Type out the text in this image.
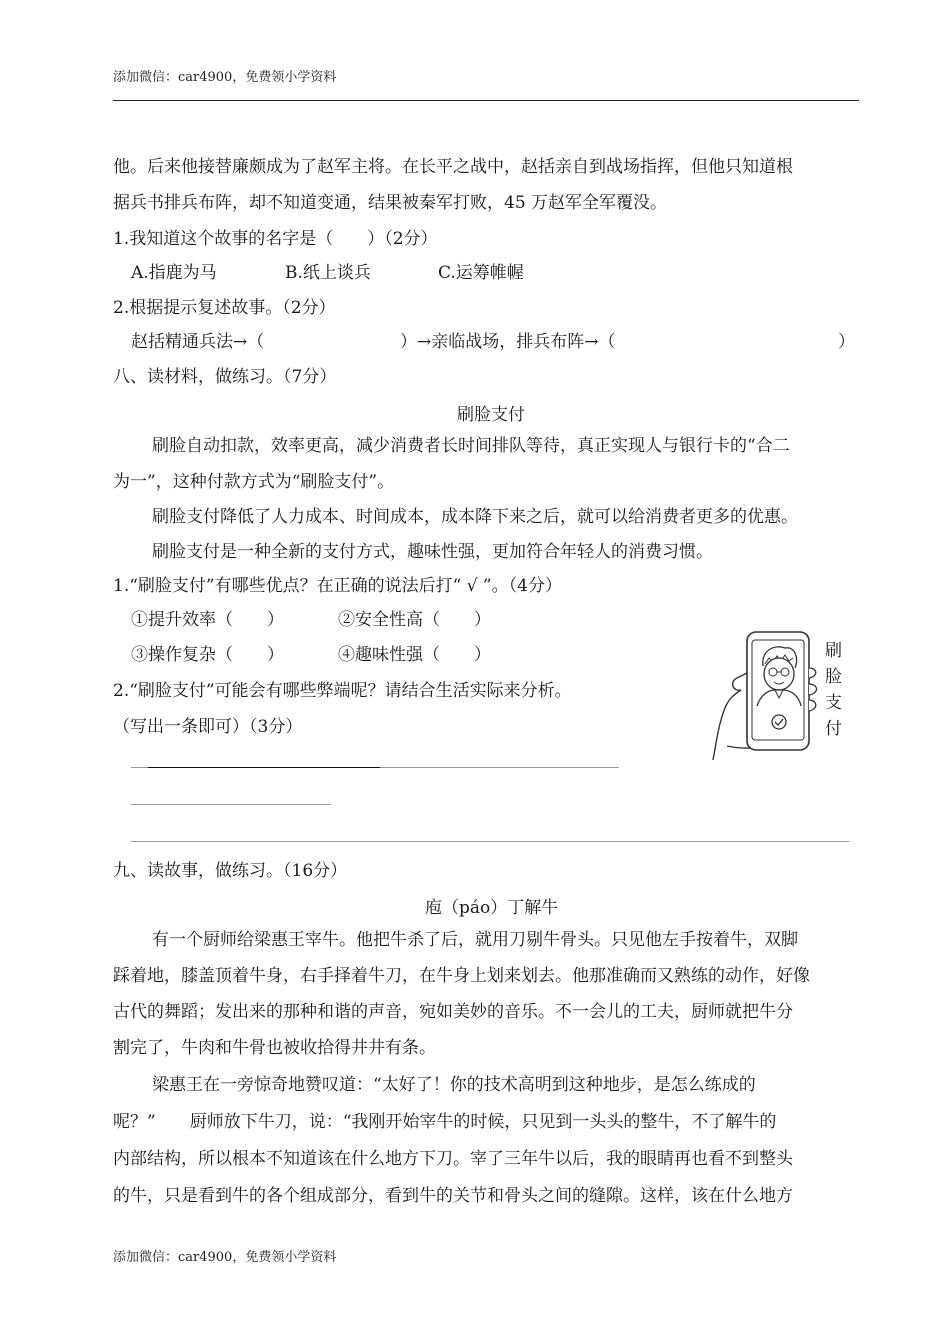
添加微信：car4900，免费领小学资料
他。后来他接替廉颇成为了赵军主将。在长平之战中，赵括亲自到战场指挥，但他只知道根
据兵书排兵布阵，却不知道变通，结果被秦军打败，45 万赵军全军覆没。
1.我知道这个故事的名字是（　　）（2分）
A.指鹿为马	B.纸上谈兵	C.运筹帷幄
2.根据提示复述故事。（2分）
赵括精通兵法→（	）→亲临战场，排兵布阵→（	）
八、读材料，做练习。（7分）
刷脸支付
刷脸自动扣款，效率更高，减少消费者长时间排队等待，真正实现人与银行卡的“合二
为一”，这种付款方式为“刷脸支付”。
刷脸支付降低了人力成本、时间成本，成本降下来之后，就可以给消费者更多的优惠。
刷脸支付是一种全新的支付方式，趣味性强，更加符合年轻人的消费习惯。
1.“刷脸支付”有哪些优点？在正确的说法后打“ √ ”。（4分）
①提升效率（　　）	②安全性高（　　）
③操作复杂（　　）	④趣味性强（　　）
2.“刷脸支付”可能会有哪些弊端呢？请结合生活实际来分析。
（写出一条即可）（3分）
刷
脸
支
付
九、读故事，做练习。（16分）
庖（páo）丁解牛
有一个厨师给梁惠王宰牛。他把牛杀了后，就用刀剔牛骨头。只见他左手按着牛，双脚
踩着地，膝盖顶着牛身，右手择着牛刀，在牛身上划来划去。他那准确而又熟练的动作，好像
古代的舞蹈；发出来的那种和谐的声音，宛如美妙的音乐。不一会儿的工夫，厨师就把牛分
割完了，牛肉和牛骨也被收拾得井井有条。
梁惠王在一旁惊奇地赞叹道：“太好了！你的技术高明到这种地步，是怎么练成的
呢？”　　厨师放下牛刀，说：“我刚开始宰牛的时候，只见到一头头的整牛，不了解牛的
内部结构，所以根本不知道该在什么地方下刀。宰了三年牛以后，我的眼睛再也看不到整头
的牛，只是看到牛的各个组成部分，看到牛的关节和骨头之间的缝隙。这样，该在什么地方
添加微信：car4900，免费领小学资料
